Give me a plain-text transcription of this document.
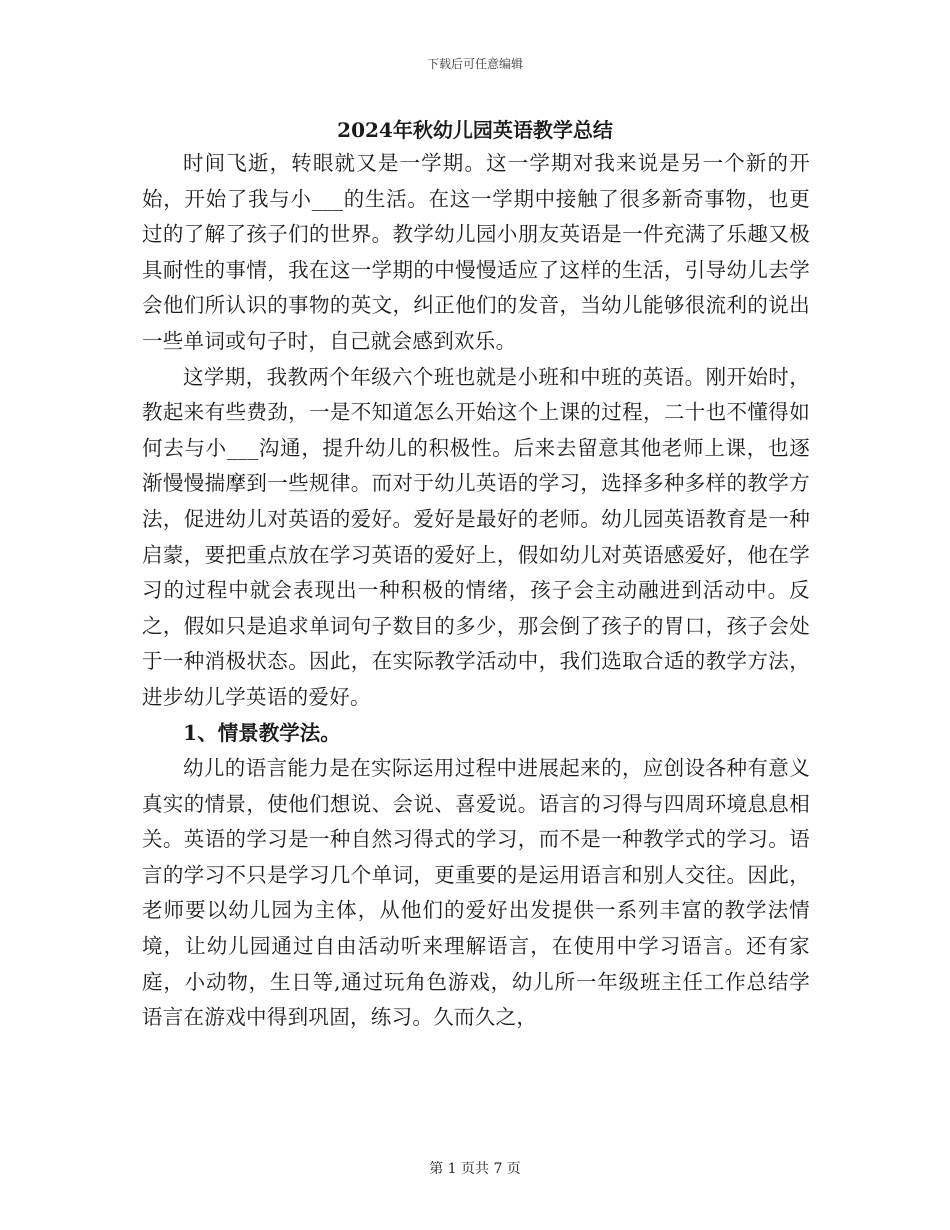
下载后可任意编辑
2024年秋幼儿园英语教学总结

时间飞逝，转眼就又是一学期。这一学期对我来说是另一个新的开始，开始了我与小___的生活。在这一学期中接触了很多新奇事物，也更过的了解了孩子们的世界。教学幼儿园小朋友英语是一件充满了乐趣又极具耐性的事情，我在这一学期的中慢慢适应了这样的生活，引导幼儿去学会他们所认识的事物的英文，纠正他们的发音，当幼儿能够很流利的说出一些单词或句子时，自己就会感到欢乐。

这学期，我教两个年级六个班也就是小班和中班的英语。刚开始时，教起来有些费劲，一是不知道怎么开始这个上课的过程，二十也不懂得如何去与小___沟通，提升幼儿的积极性。后来去留意其他老师上课，也逐渐慢慢揣摩到一些规律。而对于幼儿英语的学习，选择多种多样的教学方法，促进幼儿对英语的爱好。爱好是最好的老师。幼儿园英语教育是一种启蒙，要把重点放在学习英语的爱好上，假如幼儿对英语感爱好，他在学习的过程中就会表现出一种积极的情绪，孩子会主动融进到活动中。反之，假如只是追求单词句子数目的多少，那会倒了孩子的胃口，孩子会处于一种消极状态。因此，在实际教学活动中，我们选取合适的教学方法，进步幼儿学英语的爱好。

1、情景教学法。

幼儿的语言能力是在实际运用过程中进展起来的，应创设各种有意义真实的情景，使他们想说、会说、喜爱说。语言的习得与四周环境息息相关。英语的学习是一种自然习得式的学习，而不是一种教学式的学习。语言的学习不只是学习几个单词，更重要的是运用语言和别人交往。因此，老师要以幼儿园为主体，从他们的爱好出发提供一系列丰富的教学法情境，让幼儿园通过自由活动听来理解语言，在使用中学习语言。还有家庭，小动物，生日等,通过玩角色游戏，幼儿所一年级班主任工作总结学语言在游戏中得到巩固，练习。久而久之，

第 1 页共 7 页
